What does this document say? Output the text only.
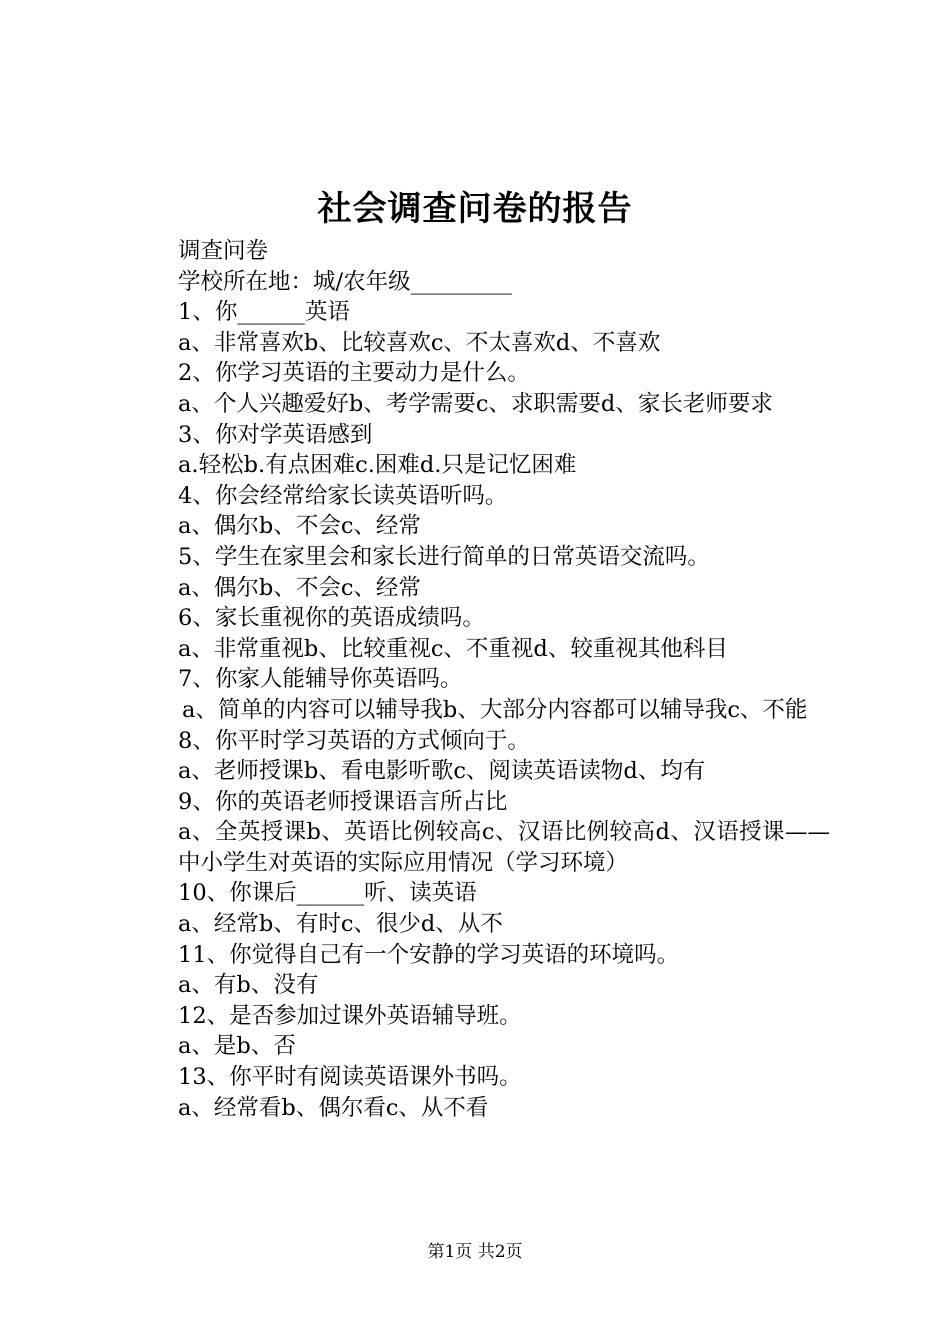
社会调查问卷的报告

调查问卷

学校所在地：城/农年级_________

1、你______英语

a、非常喜欢b、比较喜欢c、不太喜欢d、不喜欢

2、你学习英语的主要动力是什么。

a、个人兴趣爱好b、考学需要c、求职需要d、家长老师要求

3、你对学英语感到

a.轻松b.有点困难c.困难d.只是记忆困难

4、你会经常给家长读英语听吗。

a、偶尔b、不会c、经常

5、学生在家里会和家长进行简单的日常英语交流吗。

a、偶尔b、不会c、经常

6、家长重视你的英语成绩吗。

a、非常重视b、比较重视c、不重视d、较重视其他科目

7、你家人能辅导你英语吗。

a、简单的内容可以辅导我b、大部分内容都可以辅导我c、不能

8、你平时学习英语的方式倾向于。

a、老师授课b、看电影听歌c、阅读英语读物d、均有

9、你的英语老师授课语言所占比

a、全英授课b、英语比例较高c、汉语比例较高d、汉语授课——中小学生对英语的实际应用情况（学习环境）

10、你课后______听、读英语

a、经常b、有时c、很少d、从不

11、你觉得自己有一个安静的学习英语的环境吗。

a、有b、没有

12、是否参加过课外英语辅导班。

a、是b、否

13、你平时有阅读英语课外书吗。

a、经常看b、偶尔看c、从不看

第1页 共2页
